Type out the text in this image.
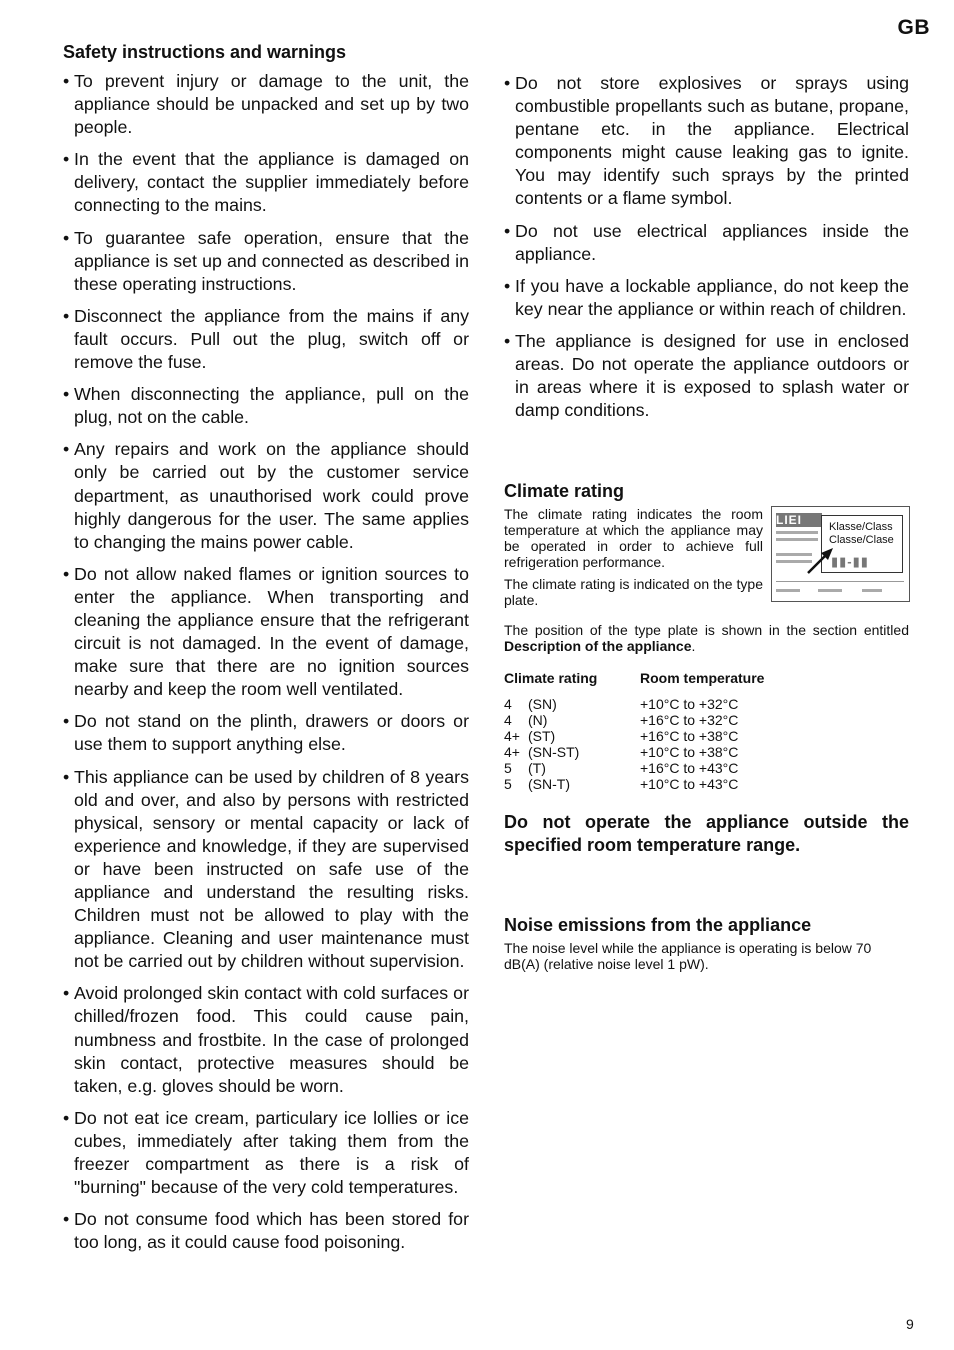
GB
Safety instructions and warnings
• To prevent injury or damage to the unit, the appliance should be unpacked and set up by two people.
• In the event that the appliance is damaged on delivery, contact the supplier immediately before connecting to the mains.
• To guarantee safe operation, ensure that the appliance is set up and connected as described in these operating instructions.
• Disconnect the appliance from the mains if any fault occurs. Pull out the plug, switch off or remove the fuse.
• When disconnecting the appliance, pull on the plug, not on the cable.
• Any repairs and work on the appliance should only be carried out by the customer service department, as unauthorised work could prove highly dangerous for the user. The same applies to changing the mains power cable.
• Do not allow naked flames or ignition sources to enter the appliance. When transporting and cleaning the appliance ensure that the refrigerant circuit is not damaged. In the event of damage, make sure that there are no ignition sources nearby and keep the room well ventilated.
• Do not stand on the plinth, drawers or doors or use them to support anything else.
• This appliance can be used by children of 8 years old and over, and also by persons with restricted physical, sensory or mental capacity or lack of experience and knowledge, if they are supervised or have been instructed on safe use of the appliance and understand the resulting risks. Children must not be allowed to play with the appliance. Cleaning and user maintenance must not be carried out by children without supervision.
• Avoid prolonged skin contact with cold surfaces or chilled/frozen food. This could cause pain, numbness and frostbite. In the case of prolonged skin contact, protective measures should be taken, e.g. gloves should be worn.
• Do not eat ice cream, particulary ice lollies or ice cubes, immediately after taking them from the freezer compartment as there is a risk of "burning" because of the very cold temperatures.
• Do not consume food which has been stored for too long, as it could cause food poisoning.
• Do not store explosives or sprays using combustible propellants such as butane, propane, pentane etc. in the appliance. Electrical components might cause leaking gas to ignite. You may identify such sprays by the printed contents or a flame symbol.
• Do not use electrical appliances inside the appliance.
• If you have a lockable appliance, do not keep the key near the appliance or within reach of children.
• The appliance is designed for use in enclosed areas. Do not operate the appliance outdoors or in areas where it is exposed to splash water or damp conditions.
Climate rating

The climate rating indicates the room temperature at which the appliance may be operated in order to achieve full refrigeration performance.

The climate rating is indicated on the type plate.

LIEI	Klasse/Class
Classe/Clase
▮▮-▮▮

The position of the type plate is shown in the section entitled Description of the appliance.

Climate rating		Room temperature
4	(SN)	+10°C to +32°C
4	(N)	+16°C to +32°C
4+	(ST)	+16°C to +38°C
4+	(SN-ST)	+10°C to +38°C
5	(T)	+16°C to +43°C
5	(SN-T)	+10°C to +43°C

Do not operate the appliance outside the specified room temperature range.

Noise emissions from the appliance

The noise level while the appliance is operating is below 70 dB(A) (relative noise level 1 pW).

9
